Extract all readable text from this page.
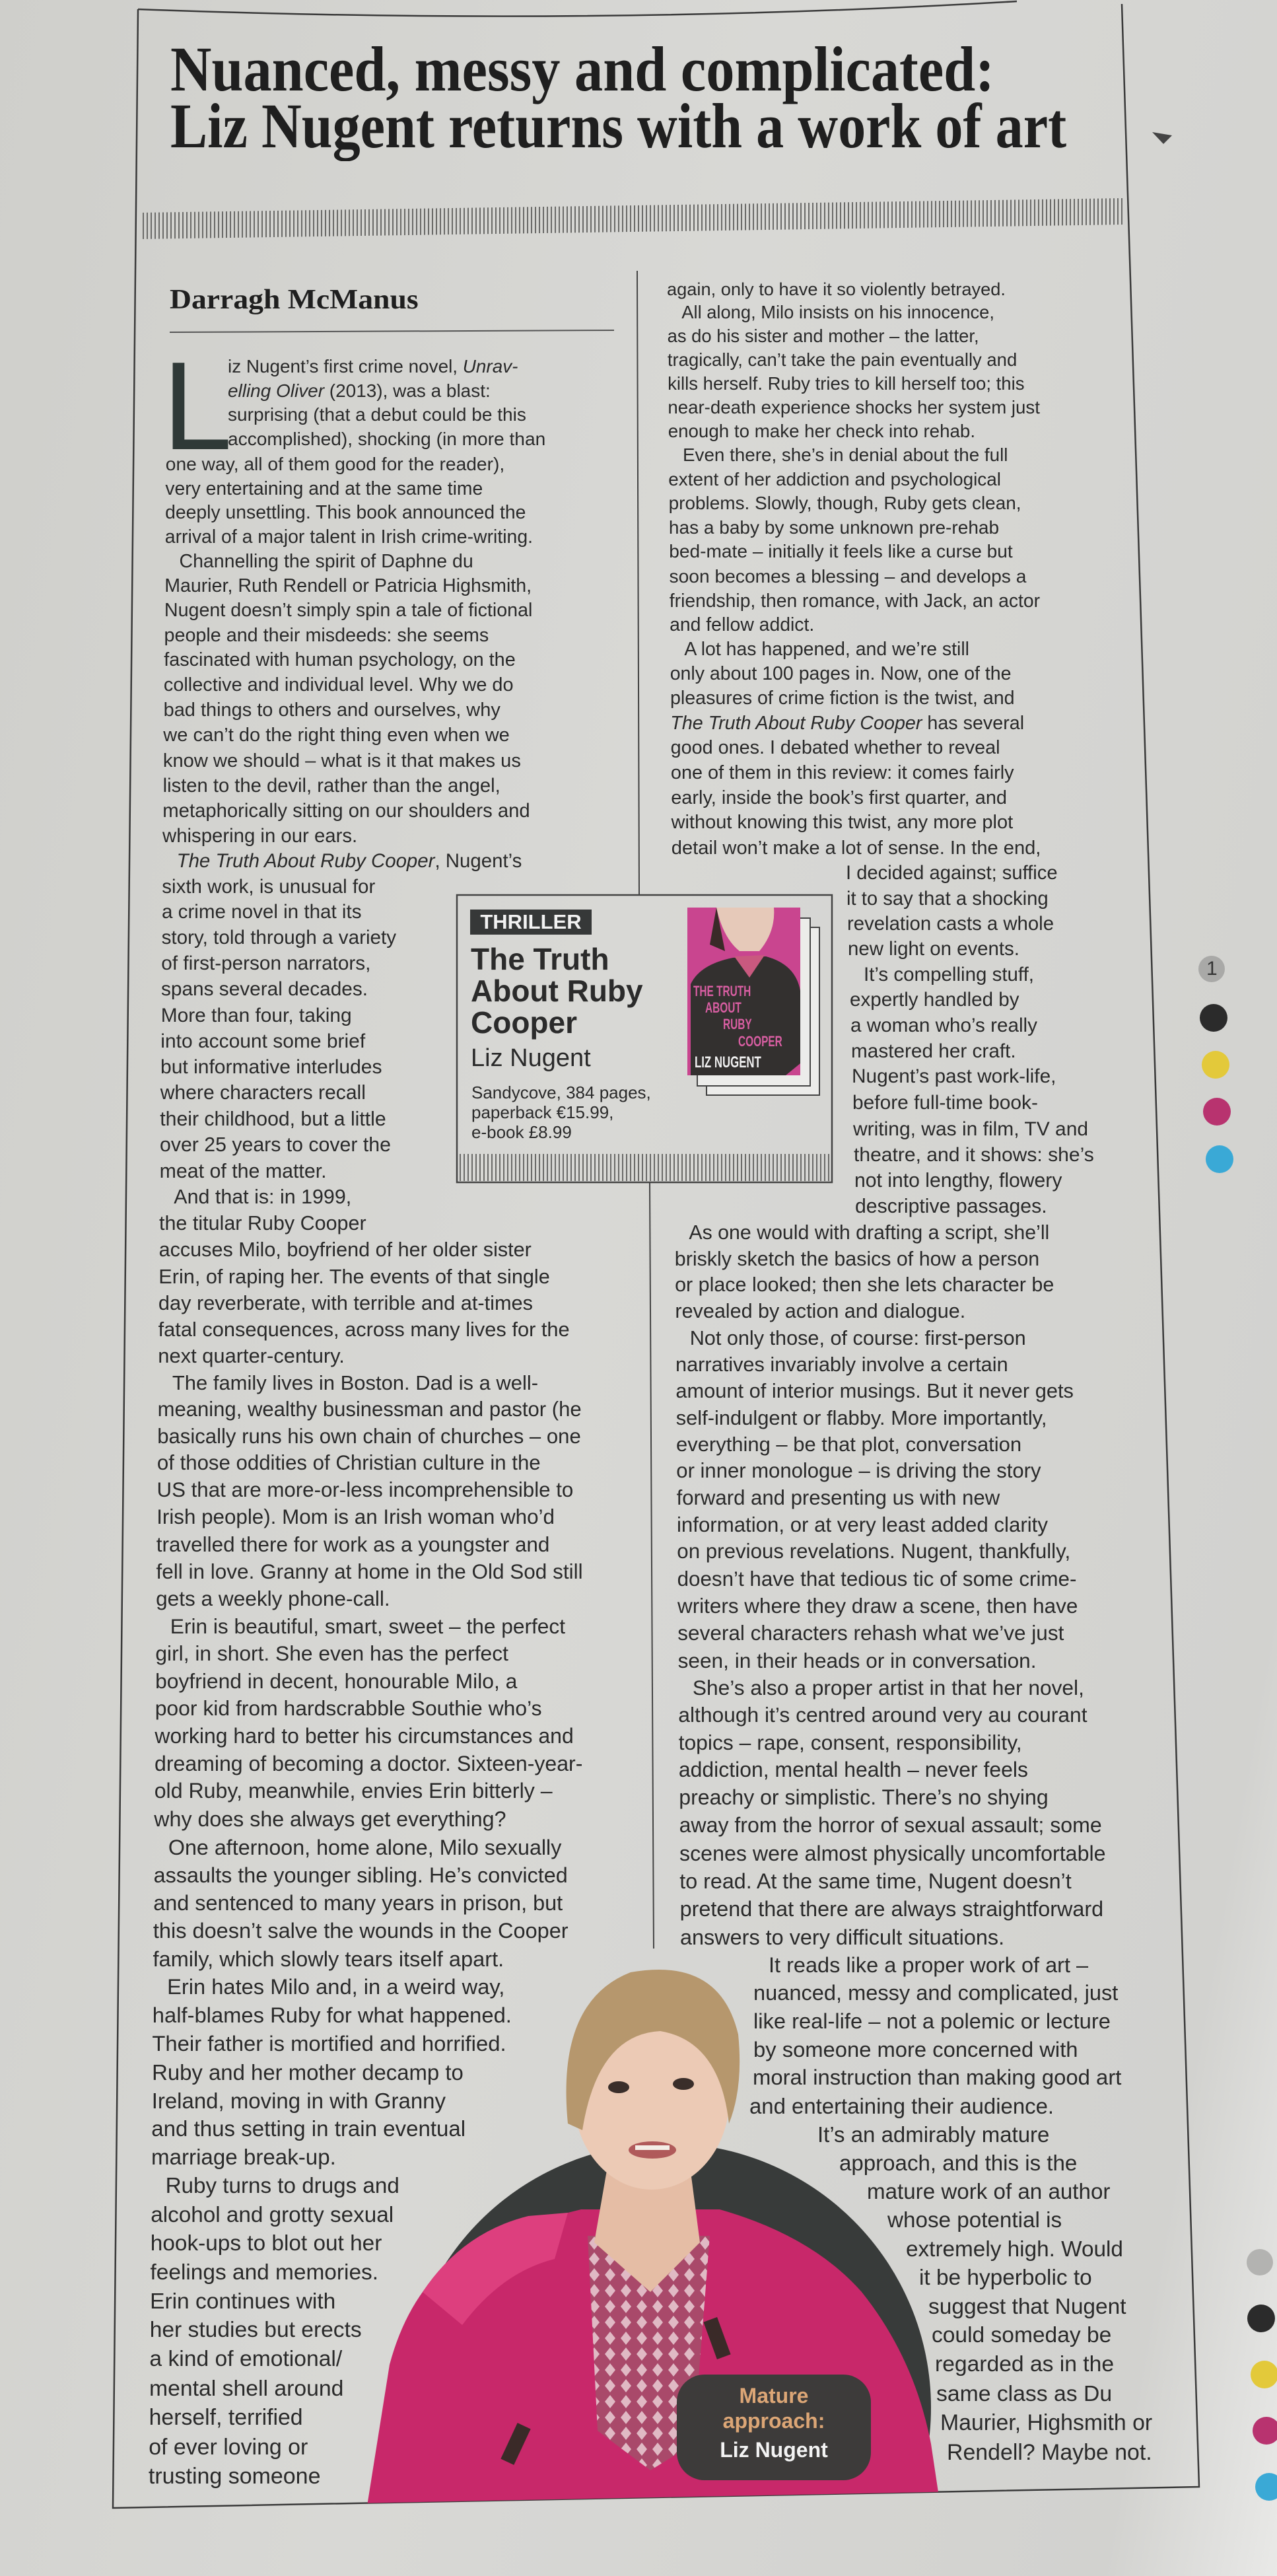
Nuanced, messy and complicated:
Liz Nugent returns with a work of art
Darragh McManus
L
iz Nugent’s first crime novel, Unrav-
elling Oliver (2013), was a blast:
surprising (that a debut could be this
accomplished), shocking (in more than
one way, all of them good for the reader),
very entertaining and at the same time
deeply unsettling. This book announced the
arrival of a major talent in Irish crime-writing.
Channelling the spirit of Daphne du
Maurier, Ruth Rendell or Patricia Highsmith,
Nugent doesn’t simply spin a tale of fictional
people and their misdeeds: she seems
fascinated with human psychology, on the
collective and individual level. Why we do
bad things to others and ourselves, why
we can’t do the right thing even when we
know we should – what is it that makes us
listen to the devil, rather than the angel,
metaphorically sitting on our shoulders and
whispering in our ears.
The Truth About Ruby Cooper, Nugent’s
sixth work, is unusual for
a crime novel in that its
story, told through a variety
of first-person narrators,
spans several decades.
More than four, taking
into account some brief
but informative interludes
where characters recall
their childhood, but a little
over 25 years to cover the
meat of the matter.
And that is: in 1999,
the titular Ruby Cooper
accuses Milo, boyfriend of her older sister
Erin, of raping her. The events of that single
day reverberate, with terrible and at-times
fatal consequences, across many lives for the
next quarter-century.
The family lives in Boston. Dad is a well-
meaning, wealthy businessman and pastor (he
basically runs his own chain of churches – one
of those oddities of Christian culture in the
US that are more-or-less incomprehensible to
Irish people). Mom is an Irish woman who’d
travelled there for work as a youngster and
fell in love. Granny at home in the Old Sod still
gets a weekly phone-call.
Erin is beautiful, smart, sweet – the perfect
girl, in short. She even has the perfect
boyfriend in decent, honourable Milo, a
poor kid from hardscrabble Southie who’s
working hard to better his circumstances and
dreaming of becoming a doctor. Sixteen-year-
old Ruby, meanwhile, envies Erin bitterly –
why does she always get everything?
One afternoon, home alone, Milo sexually
assaults the younger sibling. He’s convicted
and sentenced to many years in prison, but
this doesn’t salve the wounds in the Cooper
family, which slowly tears itself apart.
Erin hates Milo and, in a weird way,
half-blames Ruby for what happened.
Their father is mortified and horrified.
Ruby and her mother decamp to
Ireland, moving in with Granny
and thus setting in train eventual
marriage break-up.
Ruby turns to drugs and
alcohol and grotty sexual
hook-ups to blot out her
feelings and memories.
Erin continues with
her studies but erects
a kind of emotional/
mental shell around
herself, terrified
of ever loving or
trusting someone
again, only to have it so violently betrayed.
All along, Milo insists on his innocence,
as do his sister and mother – the latter,
tragically, can’t take the pain eventually and
kills herself. Ruby tries to kill herself too; this
near-death experience shocks her system just
enough to make her check into rehab.
Even there, she’s in denial about the full
extent of her addiction and psychological
problems. Slowly, though, Ruby gets clean,
has a baby by some unknown pre-rehab
bed-mate – initially it feels like a curse but
soon becomes a blessing – and develops a
friendship, then romance, with Jack, an actor
and fellow addict.
A lot has happened, and we’re still
only about 100 pages in. Now, one of the
pleasures of crime fiction is the twist, and
The Truth About Ruby Cooper has several
good ones. I debated whether to reveal
one of them in this review: it comes fairly
early, inside the book’s first quarter, and
without knowing this twist, any more plot
detail won’t make a lot of sense. In the end,
I decided against; suffice
it to say that a shocking
revelation casts a whole
new light on events.
It’s compelling stuff,
expertly handled by
a woman who’s really
mastered her craft.
Nugent’s past work-life,
before full-time book-
writing, was in film, TV and
theatre, and it shows: she’s
not into lengthy, flowery
descriptive passages.
As one would with drafting a script, she’ll
briskly sketch the basics of how a person
or place looked; then she lets character be
revealed by action and dialogue.
Not only those, of course: first-person
narratives invariably involve a certain
amount of interior musings. But it never gets
self-indulgent or flabby. More importantly,
everything – be that plot, conversation
or inner monologue – is driving the story
forward and presenting us with new
information, or at very least added clarity
on previous revelations. Nugent, thankfully,
doesn’t have that tedious tic of some crime-
writers where they draw a scene, then have
several characters rehash what we’ve just
seen, in their heads or in conversation.
She’s also a proper artist in that her novel,
although it’s centred around very au courant
topics – rape, consent, responsibility,
addiction, mental health – never feels
preachy or simplistic. There’s no shying
away from the horror of sexual assault; some
scenes were almost physically uncomfortable
to read. At the same time, Nugent doesn’t
pretend that there are always straightforward
answers to very difficult situations.
It reads like a proper work of art –
nuanced, messy and complicated, just
like real-life – not a polemic or lecture
by someone more concerned with
moral instruction than making good art
and entertaining their audience.
It’s an admirably mature
approach, and this is the
mature work of an author
whose potential is
extremely high. Would
it be hyperbolic to
suggest that Nugent
could someday be
regarded as in the
same class as Du
Maurier, Highsmith or
Rendell? Maybe not.
THRILLER
The Truth
About Ruby
Cooper
Liz Nugent
Sandycove, 384 pages,
paperback €15.99,
e-book £8.99
THE TRUTH
ABOUT
RUBY
COOPER
LIZ NUGENT
Mature
approach:
Liz Nugent
1
